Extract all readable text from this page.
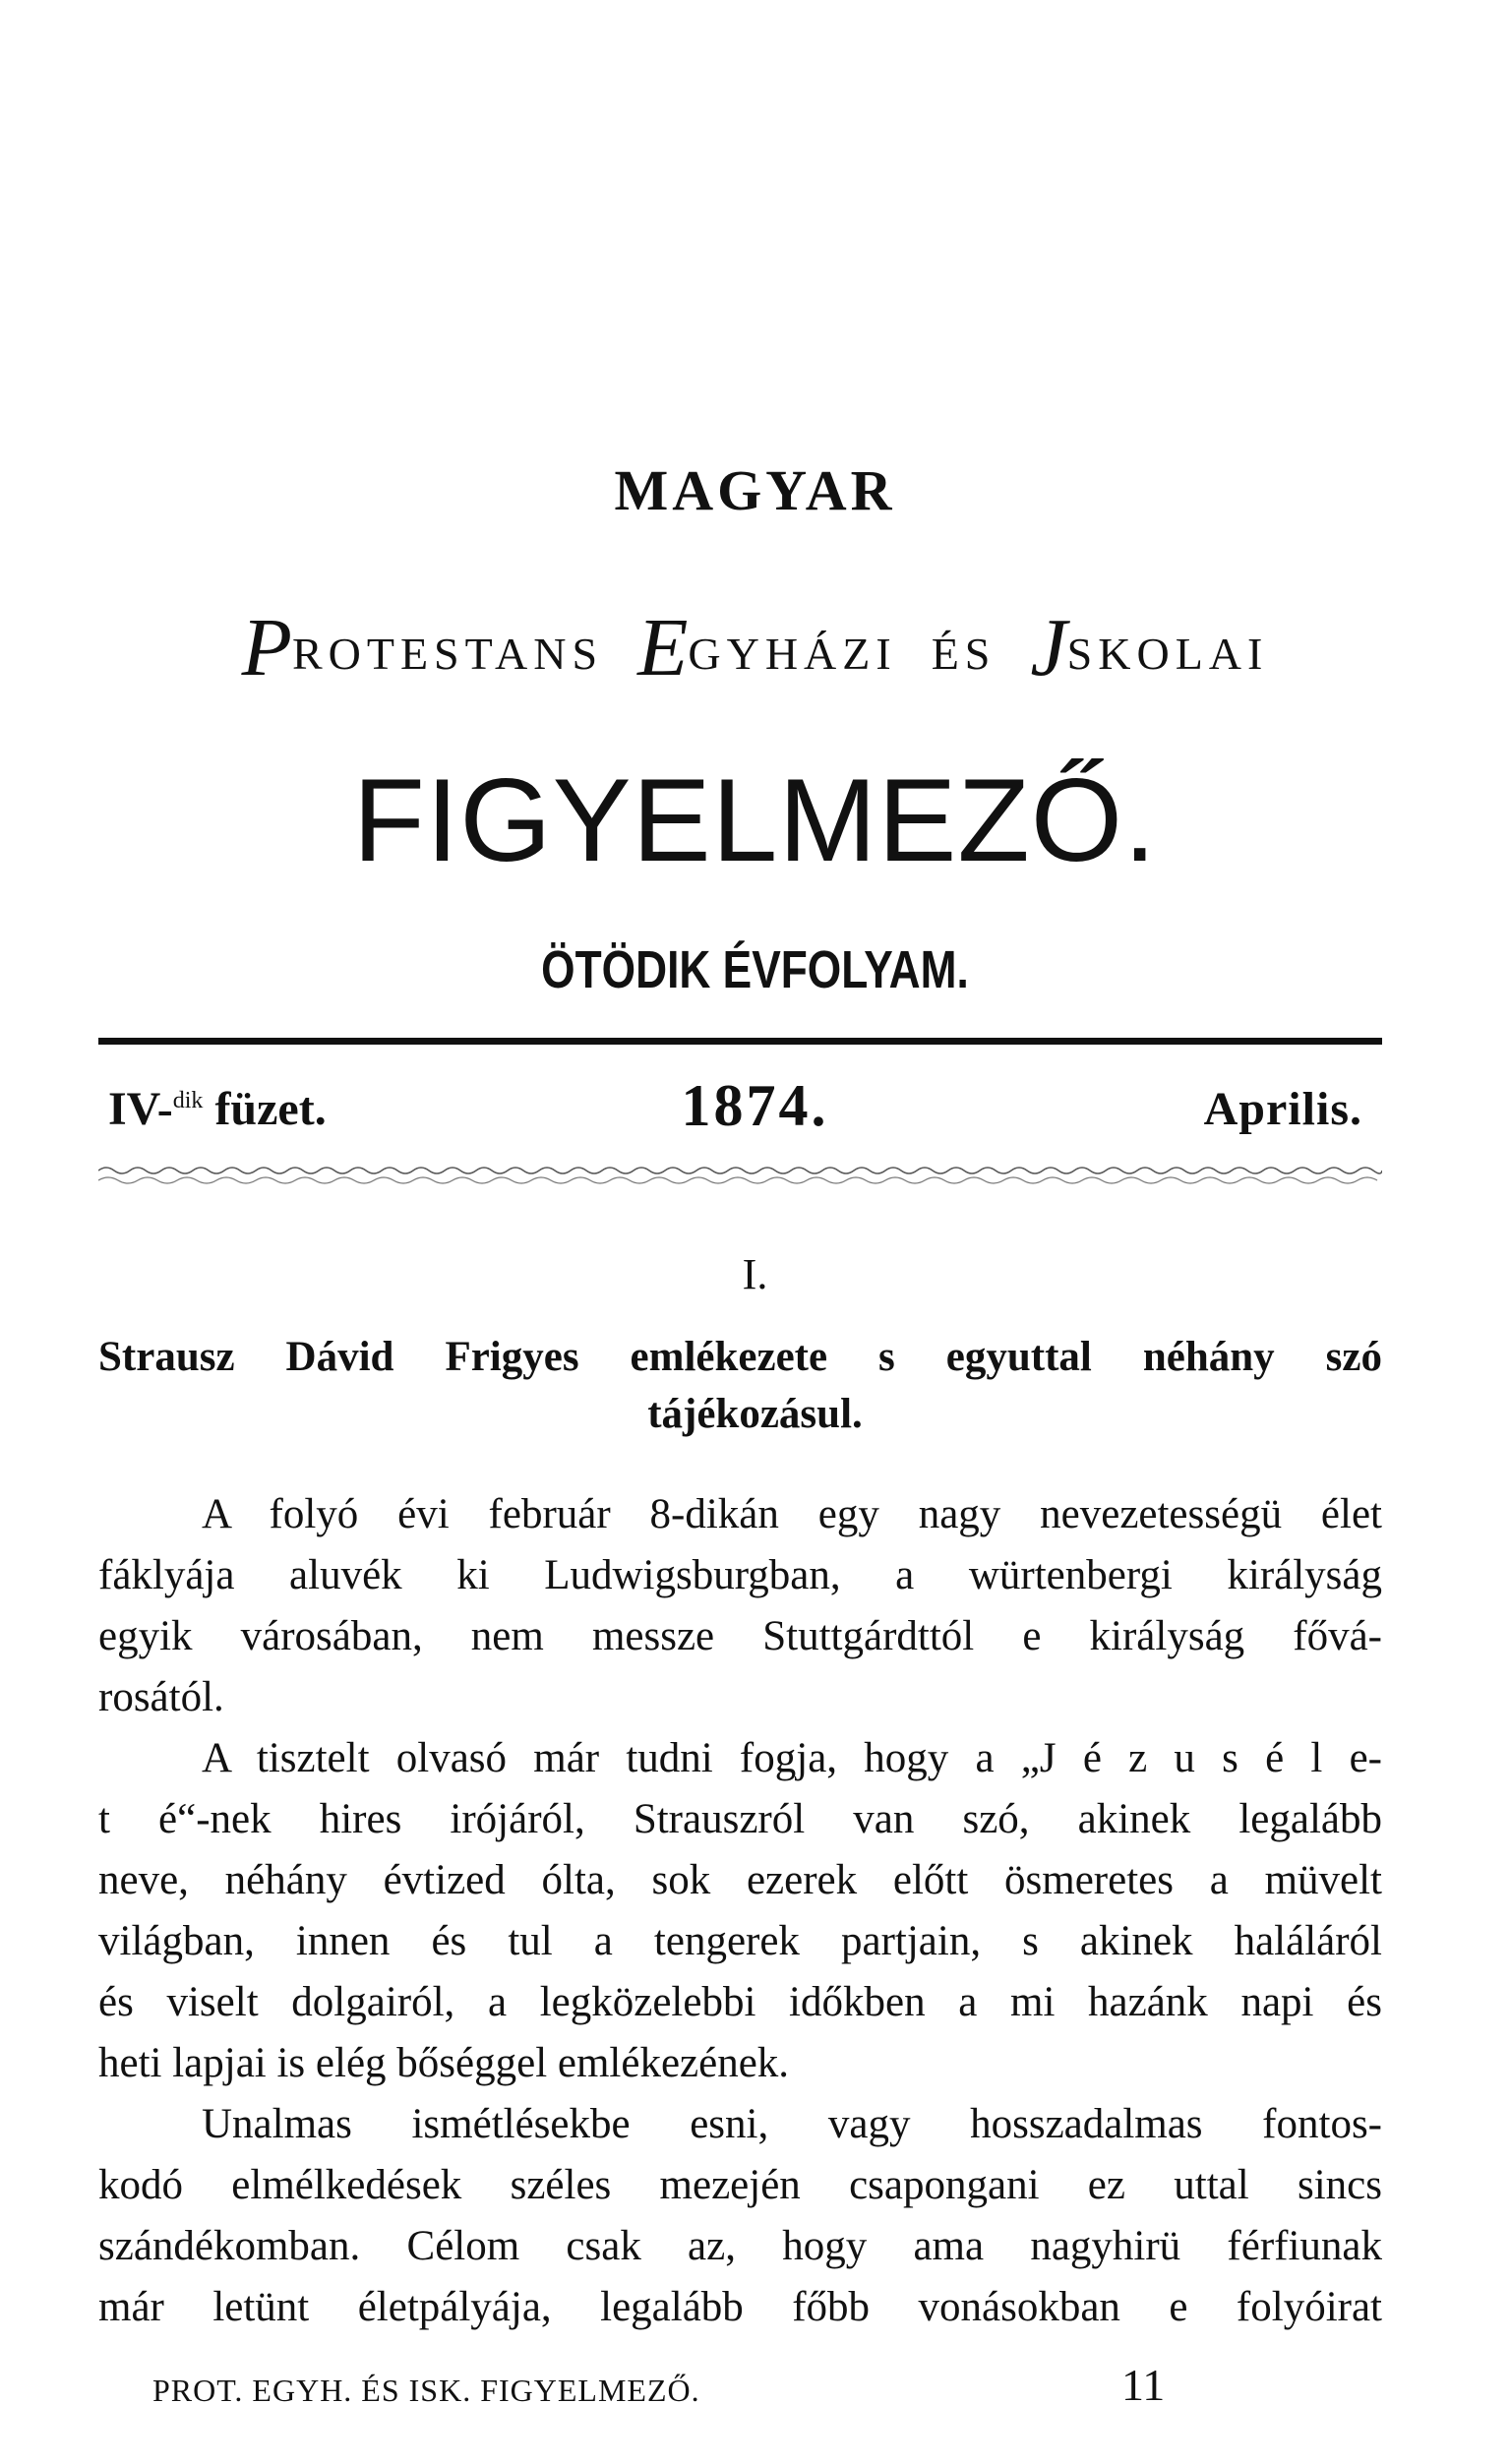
MAGYAR
PROTESTANS EGYHÁZI ÉS JSKOLAI
FIGYELMEZŐ.
ÖTÖDIK ÉVFOLYAM.
IV-$^{dik}$ füzet.	1874.	Aprilis.
I.
Strausz Dávid Frigyes emlékezete s egyuttal néhány szó
tájékozásul.
A folyó évi február 8-dikán egy nagy nevezetességü élet
fáklyája aluvék ki Ludwigsburgban, a würtenbergi királyság
egyik városában, nem messze Stuttgárdttól e királyság fővá-
rosától.
A tisztelt olvasó már tudni fogja, hogy a „J é z u s é l e-
t é“-nek hires irójáról, Strauszról van szó, akinek legalább
neve, néhány évtized ólta, sok ezerek előtt ösmeretes a müvelt
világban, innen és tul a tengerek partjain, s akinek haláláról
és viselt dolgairól, a legközelebbi időkben a mi hazánk napi és
heti lapjai is elég bőséggel emlékezének.
Unalmas ismétlésekbe esni, vagy hosszadalmas fontos-
kodó elmélkedések széles mezején csapongani ez uttal sincs
szándékomban. Célom csak az, hogy ama nagyhirü férfiunak
már letünt életpályája, legalább főbb vonásokban e folyóirat
PROT. EGYH. ÉS ISK. FIGYELMEZŐ.	11
